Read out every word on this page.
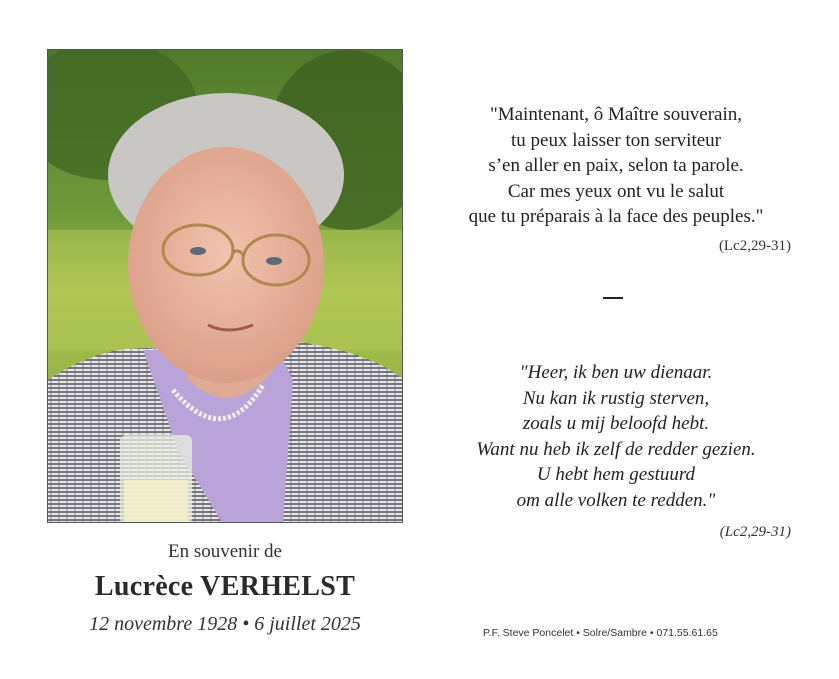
"Maintenant, ô Maître souverain,
tu peux laisser ton serviteur
s’en aller en paix, selon ta parole.
Car mes yeux ont vu le salut
que tu préparais à la face des peuples."
(Lc2,29-31)
"Heer, ik ben uw dienaar.
Nu kan ik rustig sterven,
zoals u mij beloofd hebt.
Want nu heb ik zelf de redder gezien.
U hebt hem gestuurd
om alle volken te redden."
(Lc2,29-31)
En souvenir de
Lucrèce VERHELST
12 novembre 1928 • 6 juillet 2025	P.F. Steve Poncelet • Solre/Sambre • 071.55.61.65
